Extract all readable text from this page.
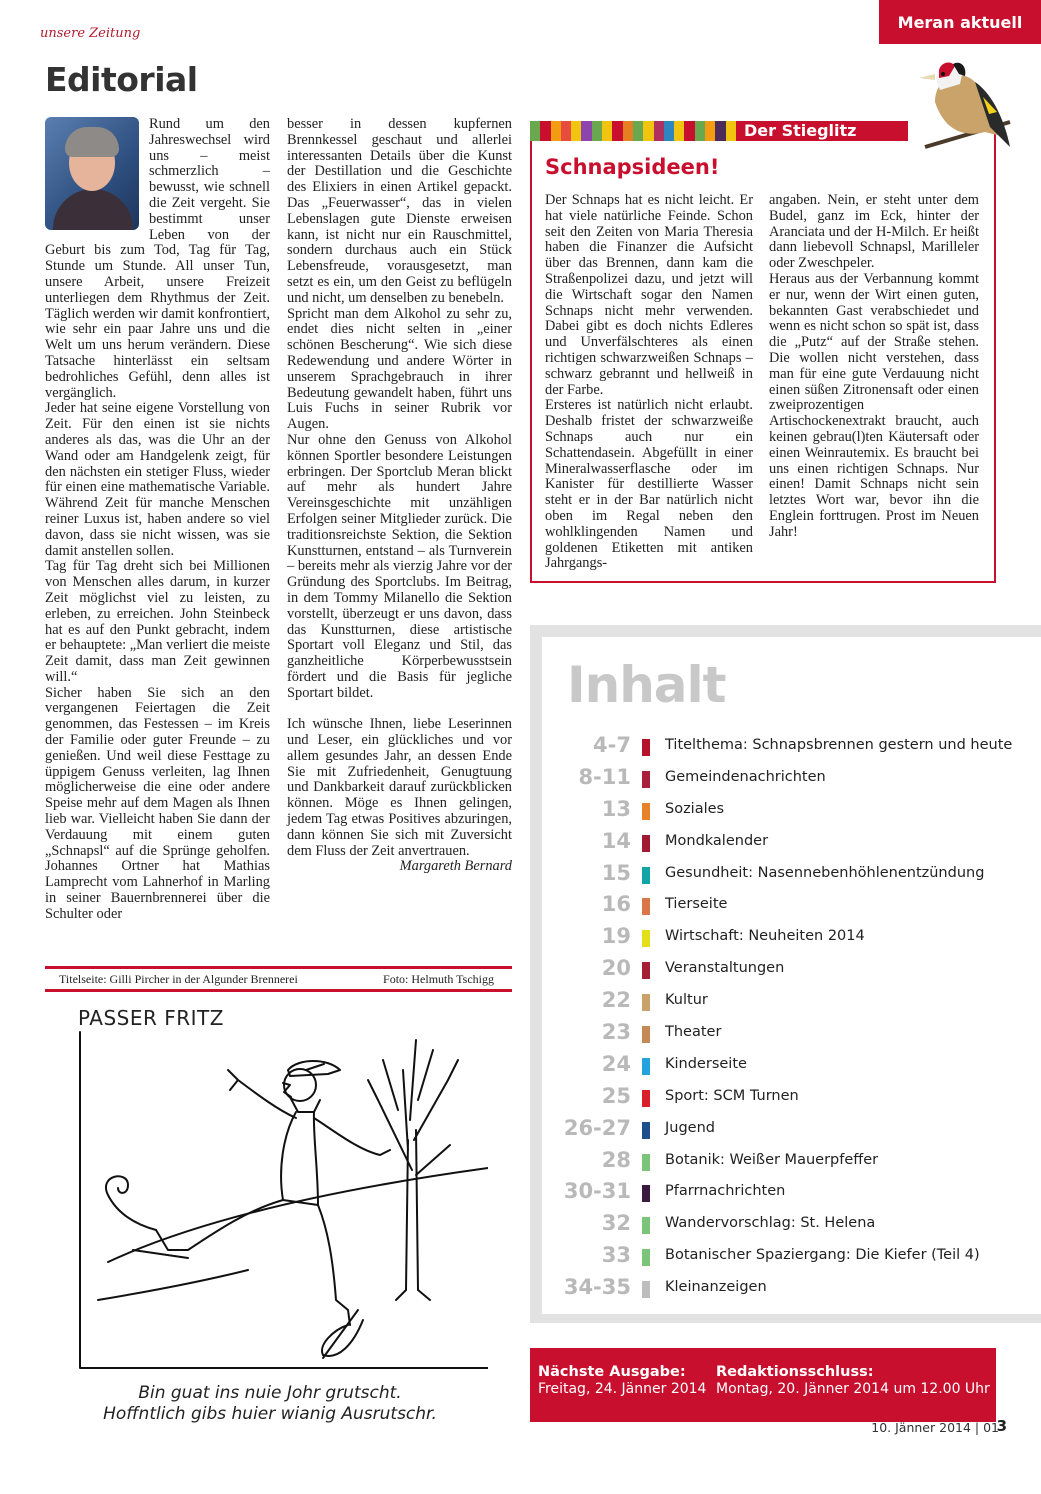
unsere Zeitung
Meran aktuell
Editorial

Rund um den Jahreswechsel wird uns – meist schmerzlich – bewusst, wie schnell die Zeit vergeht. Sie bestimmt unser Leben von der Geburt bis zum Tod, Tag für Tag, Stunde um Stunde. All unser Tun, unsere Arbeit, unsere Freizeit unterliegen dem Rhythmus der Zeit. Täglich werden wir damit konfrontiert, wie sehr ein paar Jahre uns und die Welt um uns herum verändern. Diese Tatsache hinterlässt ein seltsam bedrohliches Gefühl, denn alles ist vergänglich.

Jeder hat seine eigene Vorstellung von Zeit. Für den einen ist sie nichts anderes als das, was die Uhr an der Wand oder am Handgelenk zeigt, für den nächsten ein stetiger Fluss, wieder für einen eine mathematische Variable. Während Zeit für manche Menschen reiner Luxus ist, haben andere so viel davon, dass sie nicht wissen, was sie damit anstellen sollen.

Tag für Tag dreht sich bei Millionen von Menschen alles darum, in kurzer Zeit möglichst viel zu leisten, zu erleben, zu erreichen. John Steinbeck hat es auf den Punkt gebracht, indem er behauptete: „Man verliert die meiste Zeit damit, dass man Zeit gewinnen will.“

Sicher haben Sie sich an den vergangenen Feiertagen die Zeit genommen, das Festessen – im Kreis der Familie oder guter Freunde – zu genießen. Und weil diese Festtage zu üppigem Genuss verleiten, lag Ihnen möglicherweise die eine oder andere Speise mehr auf dem Magen als Ihnen lieb war. Vielleicht haben Sie dann der Verdauung mit einem guten „Schnapsl“ auf die Sprünge geholfen. Johannes Ortner hat Mathias Lamprecht vom Lahnerhof in Marling in seiner Bauernbrennerei über die Schulter oder

besser in dessen kupfernen Brennkessel geschaut und allerlei interessanten Details über die Kunst der Destillation und die Geschichte des Elixiers in einen Artikel gepackt. Das „Feuerwasser“, das in vielen Lebenslagen gute Dienste erweisen kann, ist nicht nur ein Rauschmittel, sondern durchaus auch ein Stück Lebensfreude, vorausgesetzt, man setzt es ein, um den Geist zu beflügeln und nicht, um denselben zu benebeln.

Spricht man dem Alkohol zu sehr zu, endet dies nicht selten in „einer schönen Bescherung“. Wie sich diese Redewendung und andere Wörter in unserem Sprachgebrauch in ihrer Bedeutung gewandelt haben, führt uns Luis Fuchs in seiner Rubrik vor Augen.

Nur ohne den Genuss von Alkohol können Sportler besondere Leistungen erbringen. Der Sportclub Meran blickt auf mehr als hundert Jahre Vereinsgeschichte mit unzähligen Erfolgen seiner Mitglieder zurück. Die traditionsreichste Sektion, die Sektion Kunstturnen, entstand – als Turnverein – bereits mehr als vierzig Jahre vor der Gründung des Sportclubs. Im Beitrag, in dem Tommy Milanello die Sektion vorstellt, überzeugt er uns davon, dass das Kunstturnen, diese artistische Sportart voll Eleganz und Stil, das ganzheitliche Körperbewusstsein fördert und die Basis für jegliche Sportart bildet.

Ich wünsche Ihnen, liebe Leserinnen und Leser, ein glückliches und vor allem gesundes Jahr, an dessen Ende Sie mit Zufriedenheit, Genugtuung und Dankbarkeit darauf zurückblicken können. Möge es Ihnen gelingen, jedem Tag etwas Positives abzuringen, dann können Sie sich mit Zuversicht dem Fluss der Zeit anvertrauen.

Margareth Bernard

Titelseite: Gilli Pircher in der Algunder Brennerei	Foto: Helmuth Tschigg
PASSER FRITZ
Bin guat ins nuie Johr grutscht.
Hoffntlich gibs huier wianig Ausrutschr.
Der Stieglitz
Schnapsideen!

Der Schnaps hat es nicht leicht. Er hat viele natürliche Feinde. Schon seit den Zeiten von Maria Theresia haben die Finanzer die Aufsicht über das Brennen, dann kam die Straßenpolizei dazu, und jetzt will die Wirtschaft sogar den Namen Schnaps nicht mehr verwenden. Dabei gibt es doch nichts Edleres und Unverfälschteres als einen richtigen schwarzweißen Schnaps – schwarz gebrannt und hellweiß in der Farbe.

Ersteres ist natürlich nicht erlaubt. Deshalb fristet der schwarzweiße Schnaps auch nur ein Schattendasein. Abgefüllt in einer Mineralwasserflasche oder im Kanister für destillierte Wasser steht er in der Bar natürlich nicht oben im Regal neben den wohlklingenden Namen und goldenen Etiketten mit antiken Jahrgangs-

angaben. Nein, er steht unter dem Budel, ganz im Eck, hinter der Aranciata und der H-Milch. Er heißt dann liebevoll Schnapsl, Marilleler oder Zweschpeler.

Heraus aus der Verbannung kommt er nur, wenn der Wirt einen guten, bekannten Gast verabschiedet und wenn es nicht schon so spät ist, dass die „Putz“ auf der Straße stehen. Die wollen nicht verstehen, dass man für eine gute Verdauung nicht einen süßen Zitronensaft oder einen zweiprozentigen Artischockenextrakt braucht, auch keinen gebrau(l)ten Käutersaft oder einen Weinrautemix. Es braucht bei uns einen richtigen Schnaps. Nur einen! Damit Schnaps nicht sein letztes Wort war, bevor ihn die Englein forttrugen. Prost im Neuen Jahr!

Inhalt
4-7 Titelthema: Schnapsbrennen gestern und heute
8-11 Gemeindenachrichten
13 Soziales
14 Mondkalender
15 Gesundheit: Nasennebenhöhlenentzündung
16 Tierseite
19 Wirtschaft: Neuheiten 2014
20 Veranstaltungen
22 Kultur
23 Theater
24 Kinderseite
25 Sport: SCM Turnen
26-27 Jugend
28 Botanik: Weißer Mauerpfeffer
30-31 Pfarrnachrichten
32 Wandervorschlag: St. Helena
33 Botanischer Spaziergang: Die Kiefer (Teil 4)
34-35 Kleinanzeigen
Nächste Ausgabe:
Freitag, 24. Jänner 2014
Redaktionsschluss:
Montag, 20. Jänner 2014 um 12.00 Uhr
10. Jänner 2014 | 01
3
